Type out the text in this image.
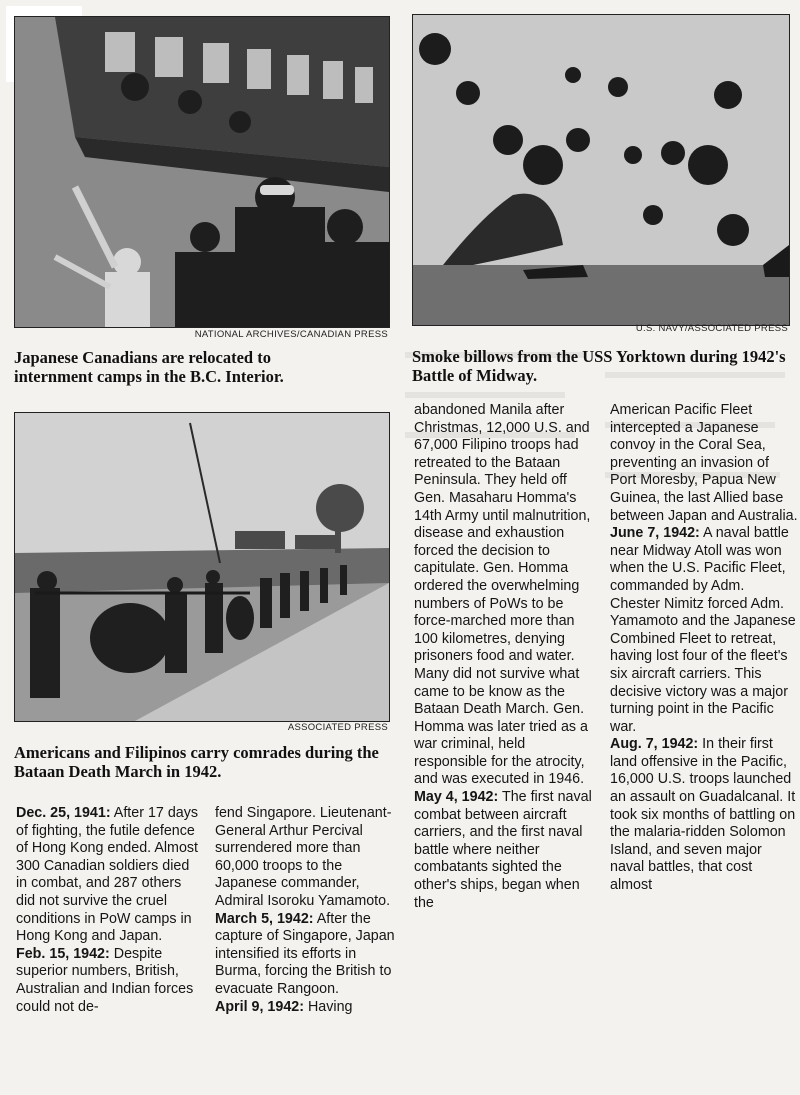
NATIONAL ARCHIVES/CANADIAN PRESS
Japanese Canadians are relocated to internment camps in the B.C. Interior.
U.S. NAVY/ASSOCIATED PRESS
Smoke billows from the USS Yorktown during 1942's Battle of Midway.
ASSOCIATED PRESS
Americans and Filipinos carry comrades during the Bataan Death March in 1942.

Dec. 25, 1941: After 17 days of fighting, the futile defence of Hong Kong ended. Almost 300 Canadian soldiers died in combat, and 287 others did not survive the cruel conditions in PoW camps in Hong Kong and Japan.

Feb. 15, 1942: Despite superior numbers, British, Australian and Indian forces could not de-

fend Singapore. Lieutenant-General Arthur Percival surrendered more than 60,000 troops to the Japanese commander, Admiral Isoroku Yamamoto.

March 5, 1942: After the capture of Singapore, Japan intensified its efforts in Burma, forcing the British to evacuate Rangoon.

April 9, 1942: Having

abandoned Manila after Christmas, 12,000 U.S. and 67,000 Filipino troops had retreated to the Bataan Peninsula. They held off Gen. Masaharu Homma's 14th Army until malnutrition, disease and exhaustion forced the decision to capitulate. Gen. Homma ordered the overwhelming numbers of PoWs to be force-marched more than 100 kilometres, denying prisoners food and water. Many did not survive what came to be know as the Bataan Death March. Gen. Homma was later tried as a war criminal, held responsible for the atrocity, and was executed in 1946.

May 4, 1942: The first naval combat between aircraft carriers, and the first naval battle where neither combatants sighted the other's ships, began when the

American Pacific Fleet intercepted a Japanese convoy in the Coral Sea, preventing an invasion of Port Moresby, Papua New Guinea, the last Allied base between Japan and Australia.

June 7, 1942: A naval battle near Midway Atoll was won when the U.S. Pacific Fleet, commanded by Adm. Chester Nimitz forced Adm. Yamamoto and the Japanese Combined Fleet to retreat, having lost four of the fleet's six aircraft carriers. This decisive victory was a major turning point in the Pacific war.

Aug. 7, 1942: In their first land offensive in the Pacific, 16,000 U.S. troops launched an assault on Guadalcanal. It took six months of battling on the malaria-ridden Solomon Island, and seven major naval battles, that cost almost
